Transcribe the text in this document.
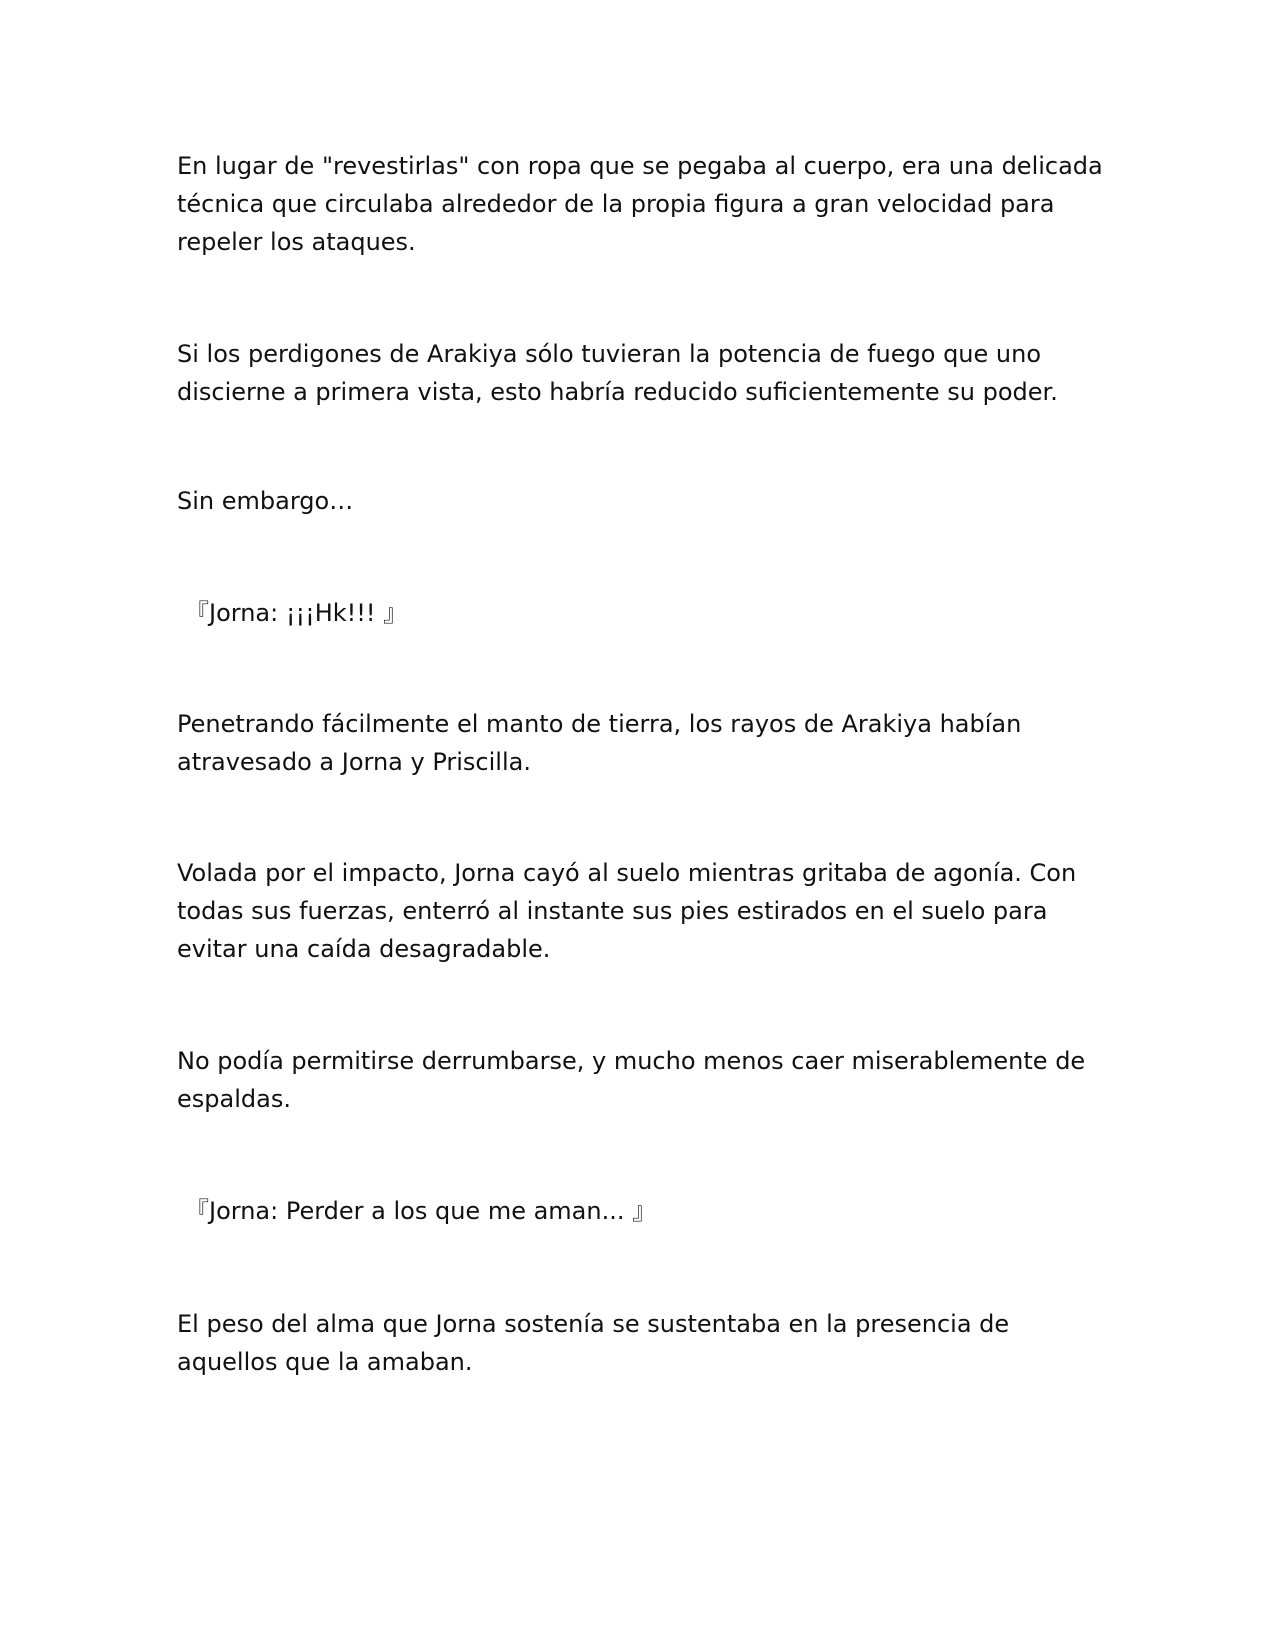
En lugar de "revestirlas" con ropa que se pegaba al cuerpo, era una delicada técnica que circulaba alrededor de la propia figura a gran velocidad para repeler los ataques.

Si los perdigones de Arakiya sólo tuvieran la potencia de fuego que uno discierne a primera vista, esto habría reducido suficientemente su poder.

Sin embargo…

『Jorna: ¡¡¡Hk!!! 』

Penetrando fácilmente el manto de tierra, los rayos de Arakiya habían atravesado a Jorna y Priscilla.

Volada por el impacto, Jorna cayó al suelo mientras gritaba de agonía. Con todas sus fuerzas, enterró al instante sus pies estirados en el suelo para evitar una caída desagradable.

No podía permitirse derrumbarse, y mucho menos caer miserablemente de espaldas.

『Jorna: Perder a los que me aman... 』

El peso del alma que Jorna sostenía se sustentaba en la presencia de aquellos que la amaban.
